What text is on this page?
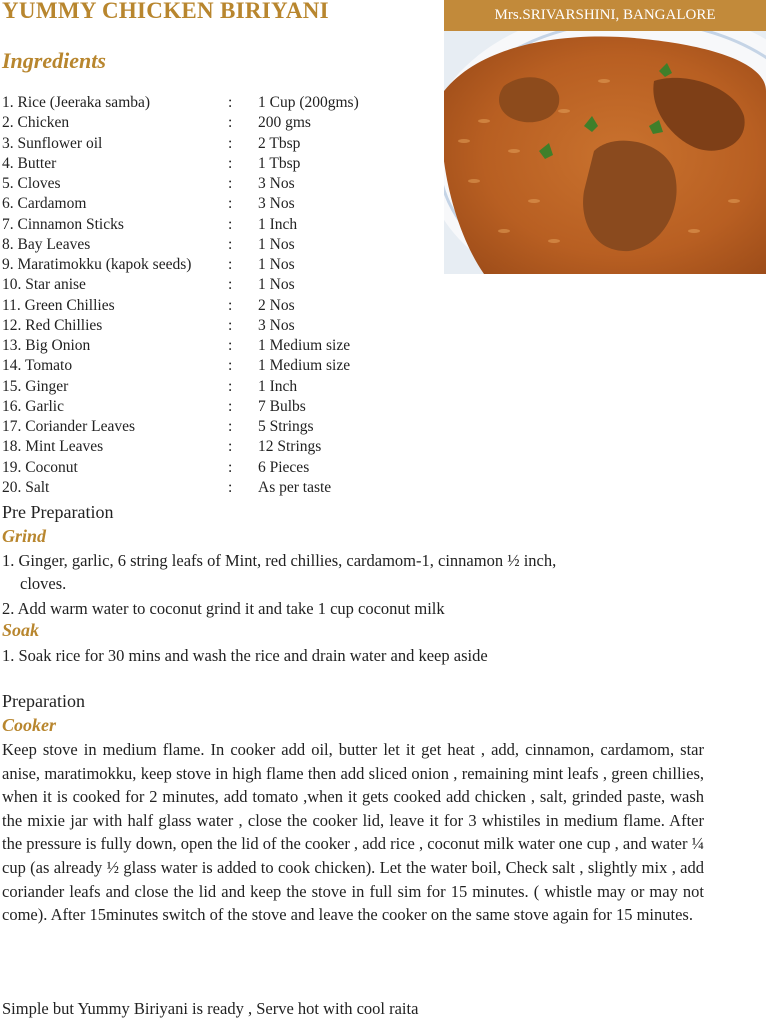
YUMMY CHICKEN BIRIYANI	Mrs.SRIVARSHINI, BANGALORE
Ingredients
1. Rice (Jeeraka samba)	: 1 Cup (200gms)
2. Chicken	: 200 gms
3. Sunflower oil	: 2 Tbsp
4. Butter	: 1 Tbsp
5. Cloves	: 3 Nos
6. Cardamom	: 3 Nos
7. Cinnamon Sticks	: 1 Inch
8. Bay Leaves	: 1 Nos
9. Maratimokku (kapok seeds) : 1 Nos
10. Star anise	: 1 Nos
11. Green Chillies	: 2 Nos
12. Red Chillies	: 3 Nos
13. Big Onion	: 1 Medium size
14. Tomato	: 1 Medium size
15. Ginger	: 1 Inch
16. Garlic	: 7 Bulbs
17. Coriander Leaves	: 5 Strings
18. Mint Leaves	: 12 Strings
19. Coconut	: 6 Pieces
20. Salt	: As per taste
Pre Preparation
Grind

1. Ginger, garlic, 6 string leafs of Mint, red chillies, cardamom-1, cinnamon ½ inch,

cloves.

2. Add warm water to coconut grind it and take 1 cup coconut milk

Soak

1. Soak rice for 30 mins and wash the rice and drain water and keep aside

Preparation
Cooker

Keep stove in medium flame. In cooker add oil, butter let it get heat , add, cinnamon, cardamom, star anise, maratimokku, keep stove in high flame then add sliced onion , remaining mint leafs , green chillies, when it is cooked for 2 minutes, add tomato ,when it gets cooked add chicken , salt, grinded paste, wash the mixie jar with half glass water , close the cooker lid, leave it for 3 whistiles in medium flame. After the pressure is fully down, open the lid of the cooker , add rice , coconut milk water one cup , and water ¼ cup (as already ½ glass water is added to cook chicken). Let the water boil, Check salt , slightly mix , add coriander leafs and close the lid and keep the stove in full sim for 15 minutes. ( whistle may or may not come). After 15minutes switch of the stove and leave the cooker on the same stove again for 15 minutes.

Simple but Yummy Biriyani is ready , Serve hot with cool raita
